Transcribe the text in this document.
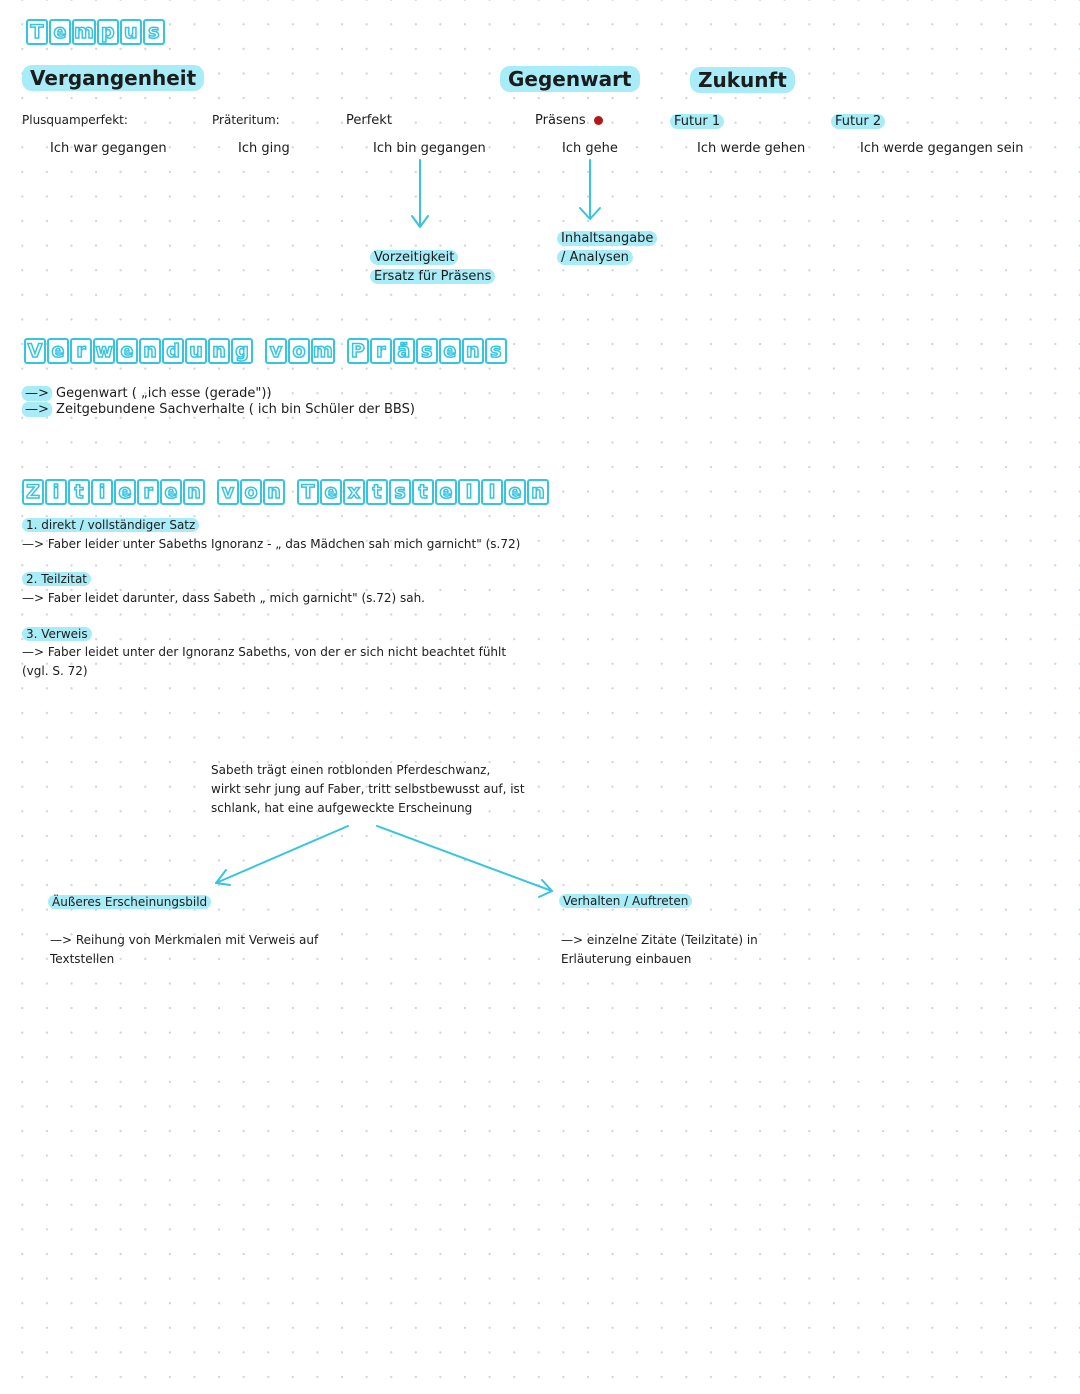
T e m p u s
Vergangenheit	Gegenwart	Zukunft
Plusquamperfekt:
Ich war gegangen
Präteritum:
Ich ging
Perfekt
Ich bin gegangen
Präsens
Ich gehe
Futur 1
Ich werde gehen
Futur 2
Ich werde gegangen sein
Vorzeitigkeit
Ersatz für Präsens
Inhaltsangabe
/ Analysen
V e r w e n d u n g v o m P r ä s e n s
—> Gegenwart ( „ich esse (gerade"))
—> Zeitgebundene Sachverhalte ( ich bin Schüler der BBS)
Z i t i e r e n v o n T e x t s t e l l e n
1. direkt / vollständiger Satz
—> Faber leider unter Sabeths Ignoranz - „ das Mädchen sah mich garnicht" (s.72)
2. Teilzitat
—> Faber leidet darunter, dass Sabeth „ mich garnicht" (s.72) sah.
3. Verweis
—> Faber leidet unter der Ignoranz Sabeths, von der er sich nicht beachtet fühlt
(vgl. S. 72)
Sabeth trägt einen rotblonden Pferdeschwanz,
wirkt sehr jung auf Faber, tritt selbstbewusst auf, ist
schlank, hat eine aufgeweckte Erscheinung
Äußeres Erscheinungsbild
—> Reihung von Merkmalen mit Verweis auf
Textstellen
Verhalten / Auftreten
—> einzelne Zitate (Teilzitate) in
Erläuterung einbauen
